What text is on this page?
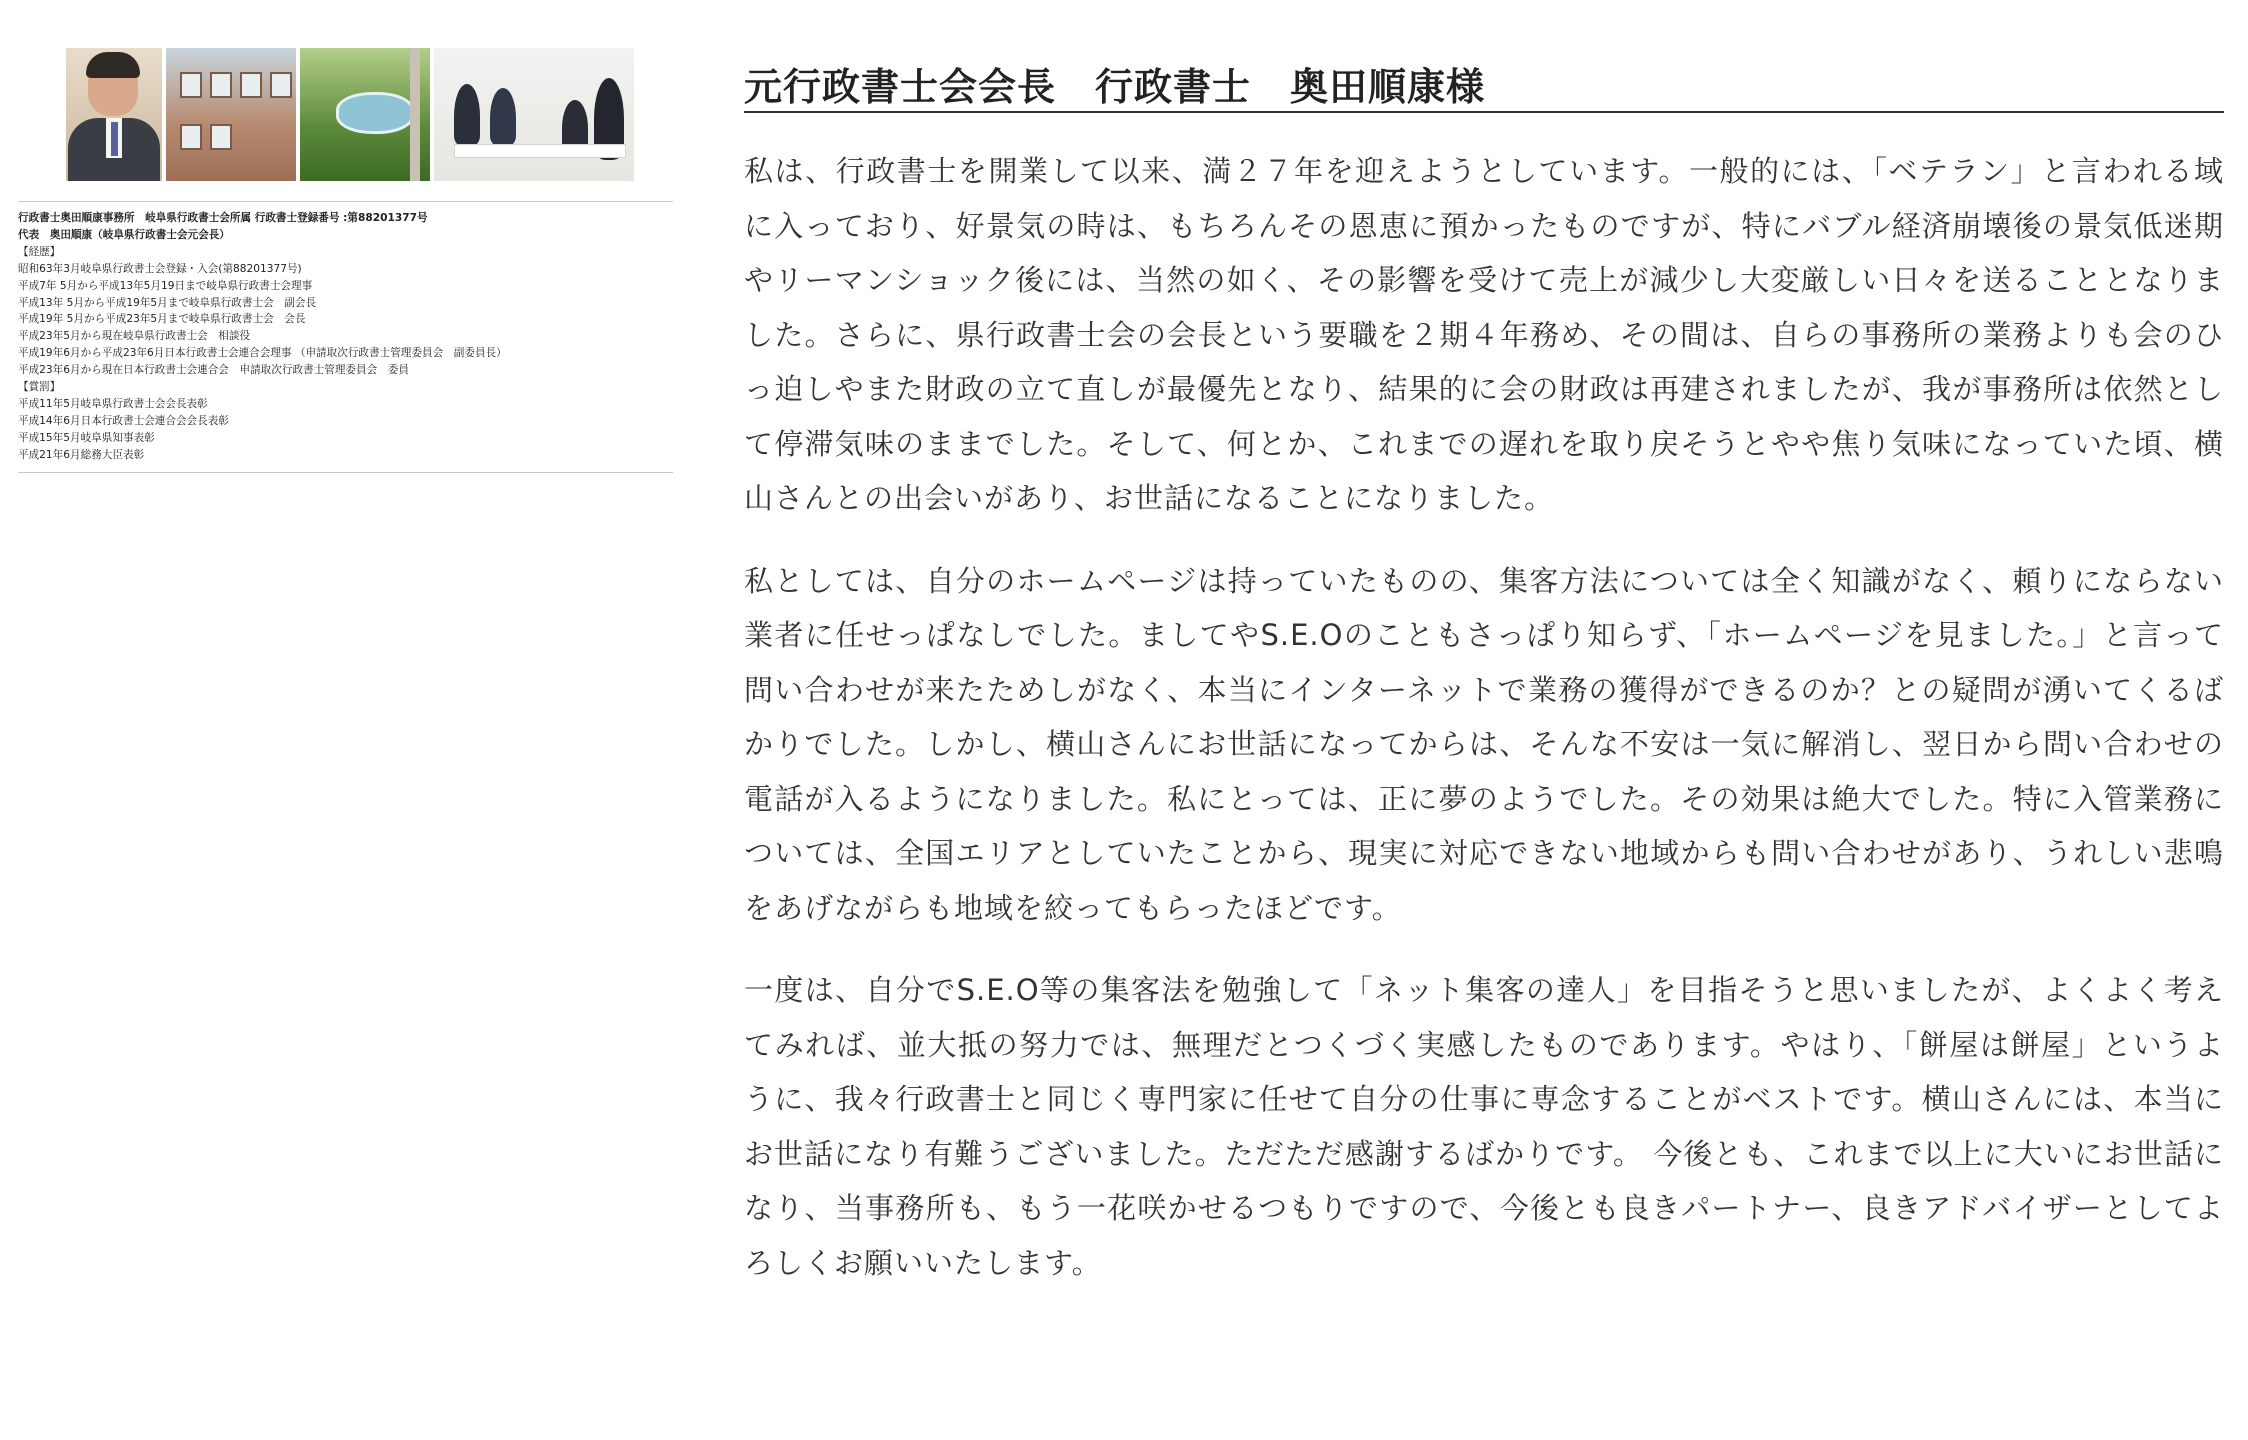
行政書士奥田順康事務所　岐阜県行政書士会所属 行政書士登録番号 :第88201377号
代表　奥田順康（岐阜県行政書士会元会長）
【経歴】
昭和63年3月岐阜県行政書士会登録・入会(第88201377号)
平成7年 5月から平成13年5月19日まで岐阜県行政書士会理事
平成13年 5月から平成19年5月まで岐阜県行政書士会　副会長
平成19年 5月から平成23年5月まで岐阜県行政書士会　会長
平成23年5月から現在岐阜県行政書士会　相談役
平成19年6月から平成23年6月日本行政書士会連合会理事 （申請取次行政書士管理委員会　副委員長）
平成23年6月から現在日本行政書士会連合会　申請取次行政書士管理委員会　委員
【賞罰】
平成11年5月岐阜県行政書士会会長表彰
平成14年6月日本行政書士会連合会会長表彰
平成15年5月岐阜県知事表彰
平成21年6月総務大臣表彰
元行政書士会会長　行政書士　奥田順康様

私は、行政書士を開業して以来、満２７年を迎えようとしています。一般的には、「ベテラン」と言われる域に入っており、好景気の時は、もちろんその恩恵に預かったものですが、特にバブル経済崩壊後の景気低迷期やリーマンショック後には、当然の如く、その影響を受けて売上が減少し大変厳しい日々を送ることとなりました。さらに、県行政書士会の会長という要職を２期４年務め、その間は、自らの事務所の業務よりも会のひっ迫しやまた財政の立て直しが最優先となり、結果的に会の財政は再建されましたが、我が事務所は依然として停滞気味のままでした。そして、何とか、これまでの遅れを取り戻そうとやや焦り気味になっていた頃、横山さんとの出会いがあり、お世話になることになりました。

私としては、自分のホームページは持っていたものの、集客方法については全く知識がなく、頼りにならない業者に任せっぱなしでした。ましてやS.E.Oのこともさっぱり知らず、「ホームページを見ました。」と言って問い合わせが来たためしがなく、本当にインターネットで業務の獲得ができるのか？との疑問が湧いてくるばかりでした。しかし、横山さんにお世話になってからは、そんな不安は一気に解消し、翌日から問い合わせの電話が入るようになりました。私にとっては、正に夢のようでした。その効果は絶大でした。特に入管業務については、全国エリアとしていたことから、現実に対応できない地域からも問い合わせがあり、うれしい悲鳴をあげながらも地域を絞ってもらったほどです。

一度は、自分でS.E.O等の集客法を勉強して「ネット集客の達人」を目指そうと思いましたが、よくよく考えてみれば、並大抵の努力では、無理だとつくづく実感したものであります。やはり、「餅屋は餅屋」というように、我々行政書士と同じく専門家に任せて自分の仕事に専念することがベストです。横山さんには、本当にお世話になり有難うございました。ただただ感謝するばかりです。 今後とも、これまで以上に大いにお世話になり、当事務所も、もう一花咲かせるつもりですので、今後とも良きパートナー、良きアドバイザーとしてよろしくお願いいたします。
